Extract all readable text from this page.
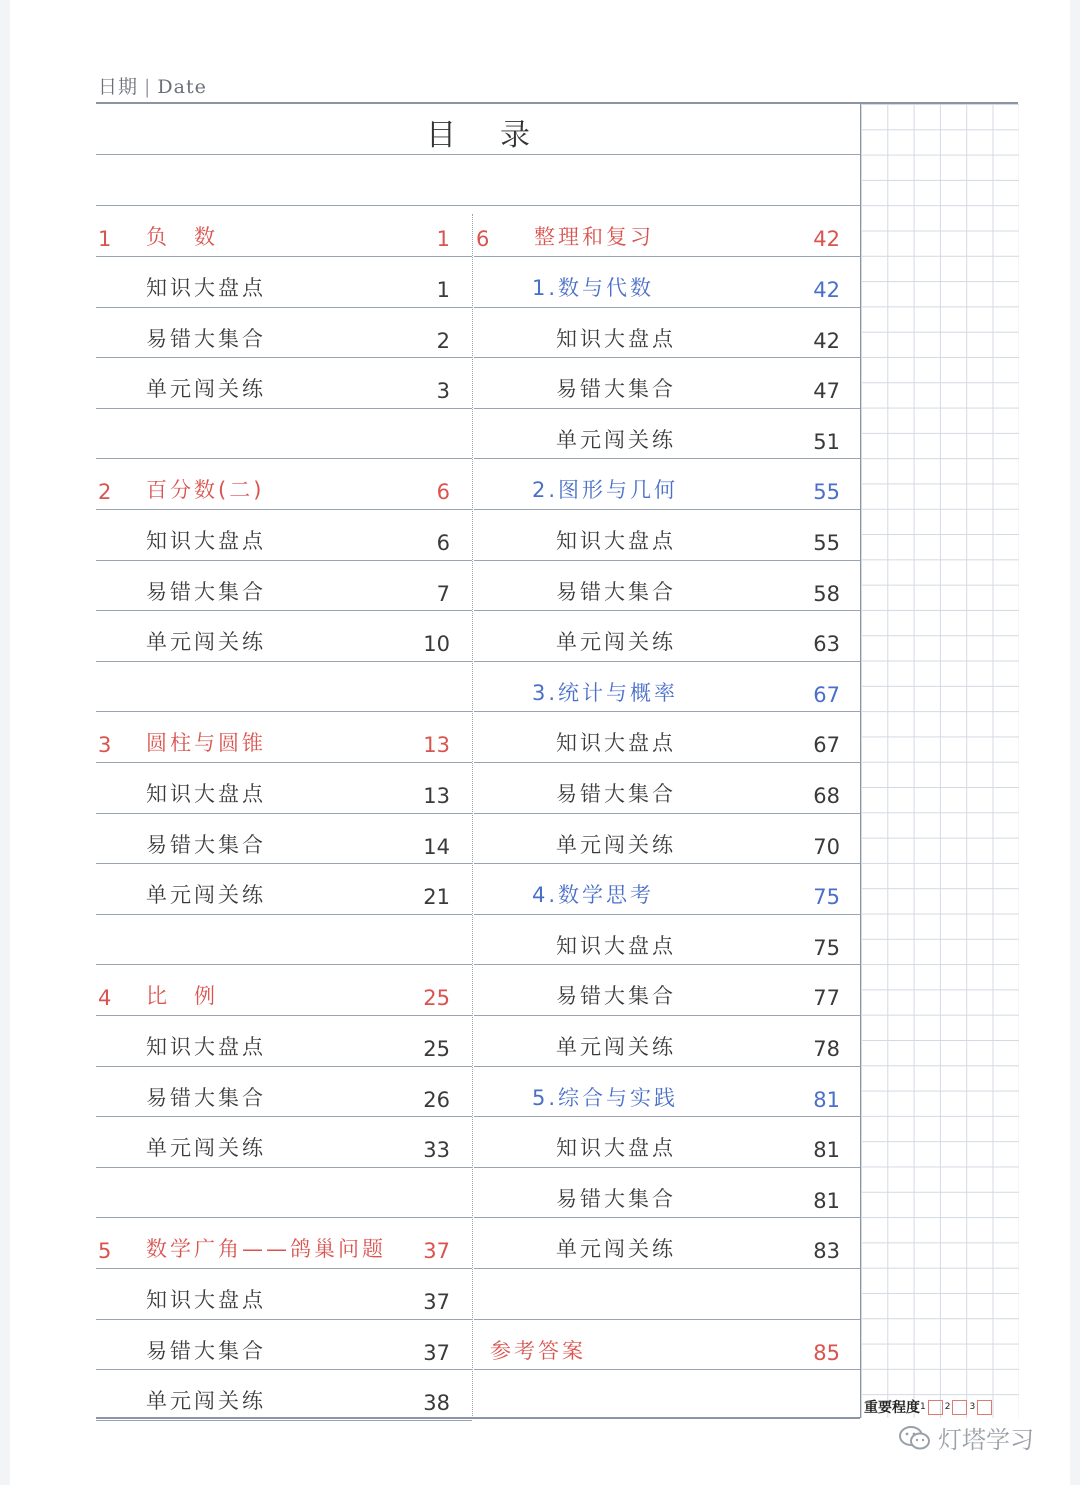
日期 | Date
目录
1 负　数	1
知识大盘点	1
易错大集合	2
单元闯关练	3
2 百分数(二)	6
知识大盘点	6
易错大集合	7
单元闯关练	10
3 圆柱与圆锥	13
知识大盘点	13
易错大集合	14
单元闯关练	21
4 比　例	25
知识大盘点	25
易错大集合	26
单元闯关练	33
5 数学广角——鸽巢问题 37
知识大盘点	37
易错大集合	37
单元闯关练	38
6 整理和复习	42
1.数与代数	42
知识大盘点	42
易错大集合	47
单元闯关练	51
2.图形与几何	55
知识大盘点	55
易错大集合	58
单元闯关练	63
3.统计与概率	67
知识大盘点	67
易错大集合	68
单元闯关练	70
4.数学思考	75
知识大盘点	75
易错大集合	77
单元闯关练	78
5.综合与实践	81
知识大盘点	81
易错大集合	81
单元闯关练	83
参考答案	85
重要程度 1 2 3
灯塔学习
